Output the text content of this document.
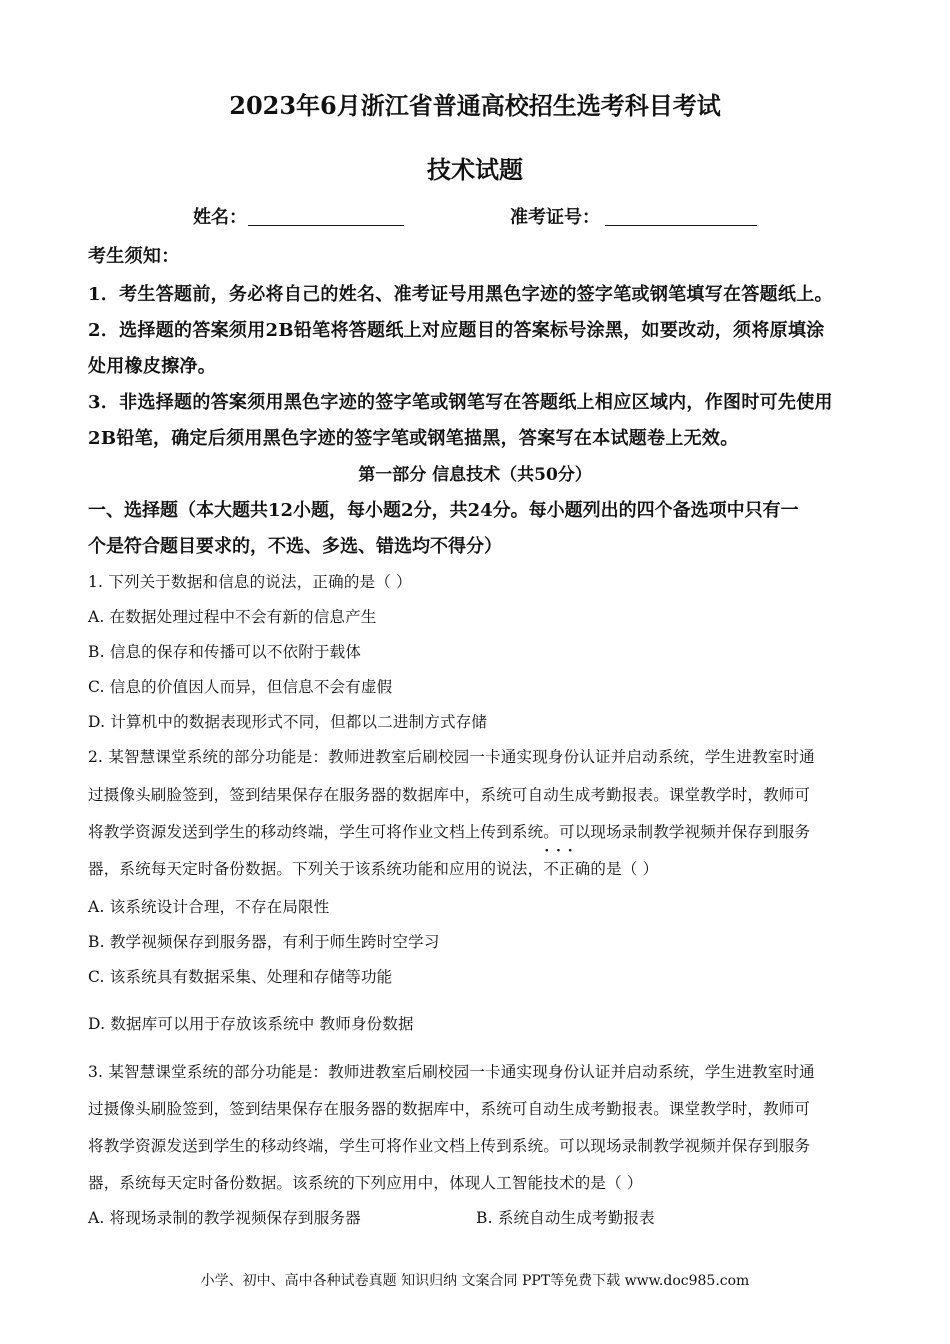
2023年6月浙江省普通高校招生选考科目考试
技术试题
姓名：	准考证号：
考生须知：
1．考生答题前，务必将自己的姓名、准考证号用黑色字迹的签字笔或钢笔填写在答题纸上。
2．选择题的答案须用2B铅笔将答题纸上对应题目的答案标号涂黑，如要改动，须将原填涂
处用橡皮擦净。
3．非选择题的答案须用黑色字迹的签字笔或钢笔写在答题纸上相应区域内，作图时可先使用
2B铅笔，确定后须用黑色字迹的签字笔或钢笔描黑，答案写在本试题卷上无效。
第一部分 信息技术（共50分）
一、选择题（本大题共12小题，每小题2分，共24分。每小题列出的四个备选项中只有一
个是符合题目要求的，不选、多选、错选均不得分）
1. 下列关于数据和信息的说法，正确的是（ ）
A. 在数据处理过程中不会有新的信息产生
B. 信息的保存和传播可以不依附于载体
C. 信息的价值因人而异，但信息不会有虚假
D. 计算机中的数据表现形式不同，但都以二进制方式存储
2. 某智慧课堂系统的部分功能是：教师进教室后刷校园一卡通实现身份认证并启动系统，学生进教室时通
过摄像头刷脸签到，签到结果保存在服务器的数据库中，系统可自动生成考勤报表。课堂教学时，教师可
将教学资源发送到学生的移动终端，学生可将作业文档上传到系统。可以现场录制教学视频并保存到服务
器，系统每天定时备份数据。下列关于该系统功能和应用的说法，· · · 不正确的是（ ）
A. 该系统设计合理，不存在局限性
B. 教学视频保存到服务器，有利于师生跨时空学习
C. 该系统具有数据采集、处理和存储等功能
D. 数据库可以用于存放该系统中 教师身份数据
3. 某智慧课堂系统的部分功能是：教师进教室后刷校园一卡通实现身份认证并启动系统，学生进教室时通
过摄像头刷脸签到，签到结果保存在服务器的数据库中，系统可自动生成考勤报表。课堂教学时，教师可
将教学资源发送到学生的移动终端，学生可将作业文档上传到系统。可以现场录制教学视频并保存到服务
器，系统每天定时备份数据。该系统的下列应用中，体现人工智能技术的是（ ）
A. 将现场录制的教学视频保存到服务器	B. 系统自动生成考勤报表
小学、初中、高中各种试卷真题 知识归纳 文案合同 PPT等免费下载 www.doc985.com
